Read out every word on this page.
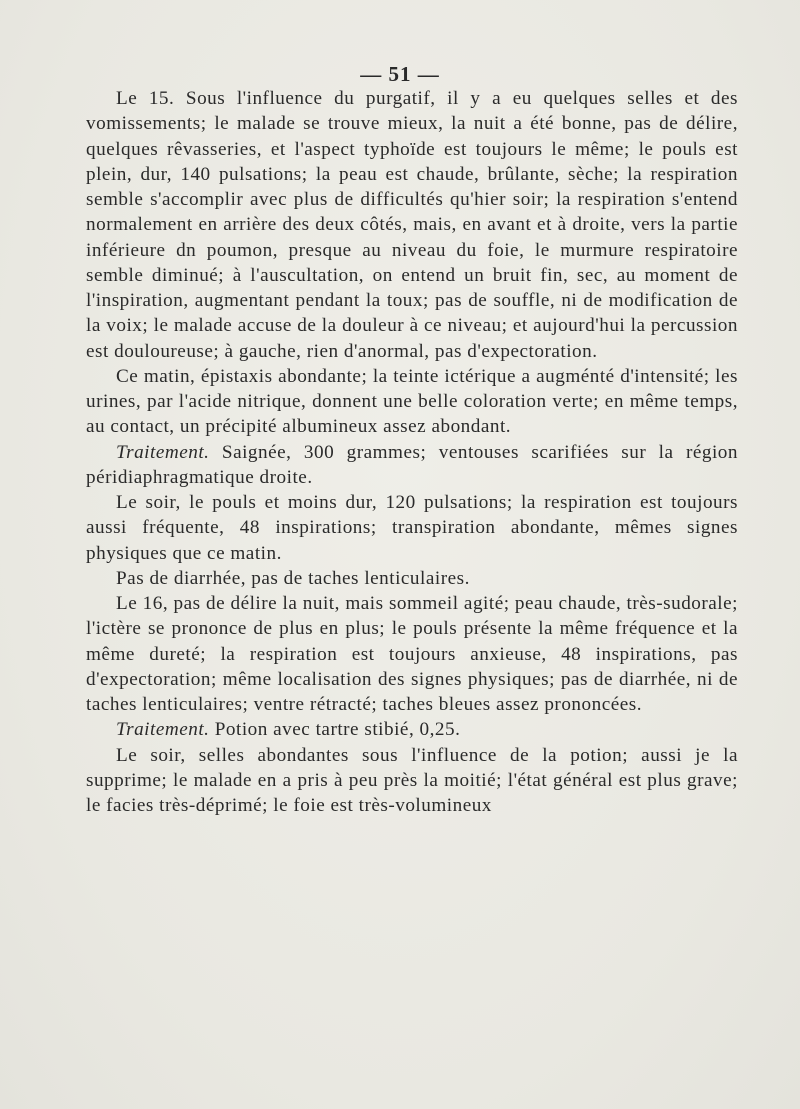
— 51 —

Le 15. Sous l'influence du purgatif, il y a eu quelques selles et des vomissements; le malade se trouve mieux, la nuit a été bonne, pas de délire, quelques rêvasseries, et l'aspect typhoïde est toujours le même; le pouls est plein, dur, 140 pulsations; la peau est chaude, brûlante, sèche; la respiration semble s'accomplir avec plus de difficultés qu'hier soir; la respiration s'entend normalement en arrière des deux côtés, mais, en avant et à droite, vers la partie inférieure dn poumon, presque au niveau du foie, le murmure respiratoire semble diminué; à l'auscultation, on entend un bruit fin, sec, au moment de l'inspiration, augmentant pendant la toux; pas de souffle, ni de modification de la voix; le malade accuse de la douleur à ce niveau; et aujourd'hui la percussion est douloureuse; à gauche, rien d'anormal, pas d'expectoration.

Ce matin, épistaxis abondante; la teinte ictérique a augménté d'intensité; les urines, par l'acide nitrique, donnent une belle coloration verte; en même temps, au contact, un précipité albumineux assez abondant.

Traitement. Saignée, 300 grammes; ventouses scarifiées sur la région péridiaphragmatique droite.

Le soir, le pouls et moins dur, 120 pulsations; la respiration est toujours aussi fréquente, 48 inspirations; transpiration abondante, mêmes signes physiques que ce matin.

Pas de diarrhée, pas de taches lenticulaires.

Le 16, pas de délire la nuit, mais sommeil agité; peau chaude, très-sudorale; l'ictère se prononce de plus en plus; le pouls présente la même fréquence et la même dureté; la respiration est toujours anxieuse, 48 inspirations, pas d'expectoration; même localisation des signes physiques; pas de diarrhée, ni de taches lenticulaires; ventre rétracté; taches bleues assez prononcées.

Traitement. Potion avec tartre stibié, 0,25.

Le soir, selles abondantes sous l'influence de la potion; aussi je la supprime; le malade en a pris à peu près la moitié; l'état général est plus grave; le facies très-déprimé; le foie est très-volumineux
